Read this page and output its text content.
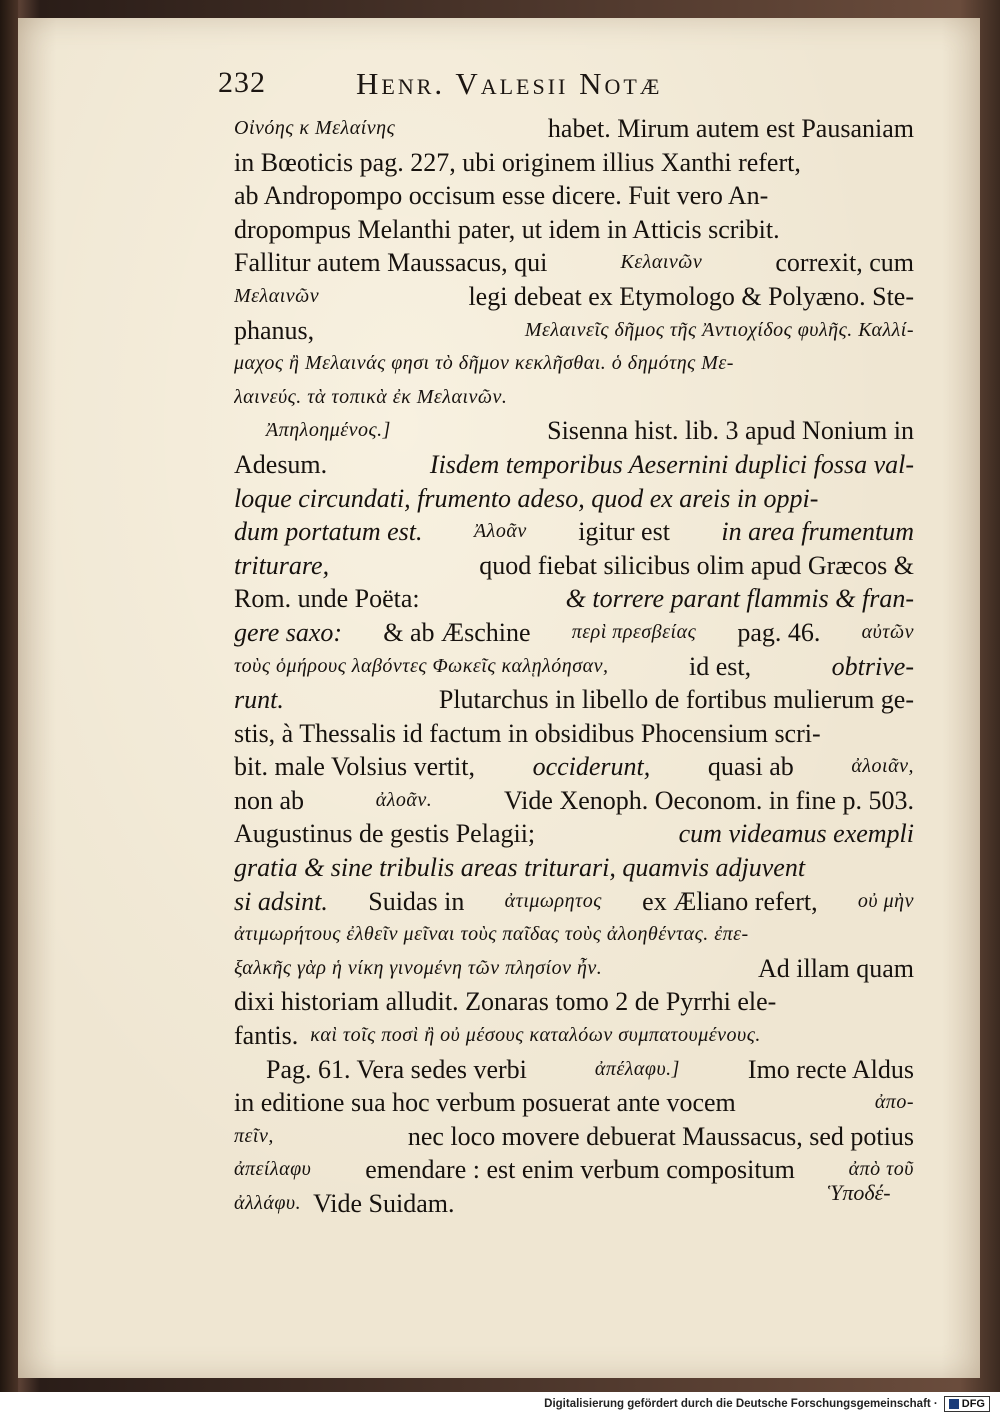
232	Henr. Valesii Notæ
Οἰνόης κ Μελαίνης	habet. Mirum autem est Pausaniam
in Bœoticis pag. 227, ubi originem illius Xanthi refert,
ab Andropompo occisum esse dicere. Fuit vero An-
dropompus Melanthi pater, ut idem in Atticis scribit.
Fallitur autem Maussacus, qui	Κελαινῶν	correxit, cum
Μελαινῶν	legi debeat ex Etymologo & Polyæno. Ste-
phanus,	Μελαινεῖς δῆμος τῆς Ἀντιοχίδος φυλῆς. Καλλί-
μαχος ἢ Μελαινάς φησι τὸ δῆμον κεκλῆσθαι. ὁ δημότης Με-
λαινεύς. τὰ τοπικὰ ἐκ Μελαινῶν.
Ἀπηλοημένος.]	Sisenna hist. lib. 3 apud Nonium in
Adesum.	Iisdem temporibus Aesernini duplici fossa val-
loque circundati, frumento adeso, quod ex areis in oppi-
dum portatum est.	Ἀλοᾶν igitur est in area frumentum
triturare,	quod fiebat silicibus olim apud Græcos &
Rom. unde Poëta:	& torrere parant flammis & fran-
gere saxo: & ab Æschine περὶ πρεσβείας pag. 46. αὐτῶν
τοὺς ὁμήρους λαβόντες Φωκεῖς καλῃλόησαν,	id est,	obtrive-
runt.	Plutarchus in libello de fortibus mulierum ge-
stis, à Thessalis id factum in obsidibus Phocensium scri-
bit. male Volsius vertit, occiderunt, quasi ab	ἀλοιᾶν,
non ab	ἀλοᾶν.	Vide Xenoph. Oeconom. in fine p. 503.
Augustinus de gestis Pelagii;	cum videamus exempli
gratia & sine tribulis areas triturari, quamvis adjuvent
si adsint. Suidas in ἀτιμωρητος ex Æliano refert, οὐ μὴν
ἀτιμωρήτους ἐλθεῖν μεῖναι τοὺς παῖδας τοὺς ἀλοηθέντας. ἐπε-
ξαλκῆς γὰρ ἡ νίκη γινομένη τῶν πλησίον ἦν.	Ad illam quam
dixi historiam alludit. Zonaras tomo 2 de Pyrrhi ele-
fantis. καὶ τοῖς ποσὶ ἢ οὐ μέσους καταλόων συμπατουμένους.
Pag. 61. Vera sedes verbi	ἀπέλαφυ.]	Imo recte Aldus
in editione sua hoc verbum posuerat ante vocem	ἀπο-
πεῖν,	nec loco movere debuerat Maussacus, sed potius
ἀπείλαφυ emendare : est enim verbum compositum	ἀπὸ τοῦ
ἀλλάφυ. Vide Suidam.	Ὑποδέ-
Digitalisierung gefördert durch die Deutsche Forschungsgemeinschaft ·	DFG
